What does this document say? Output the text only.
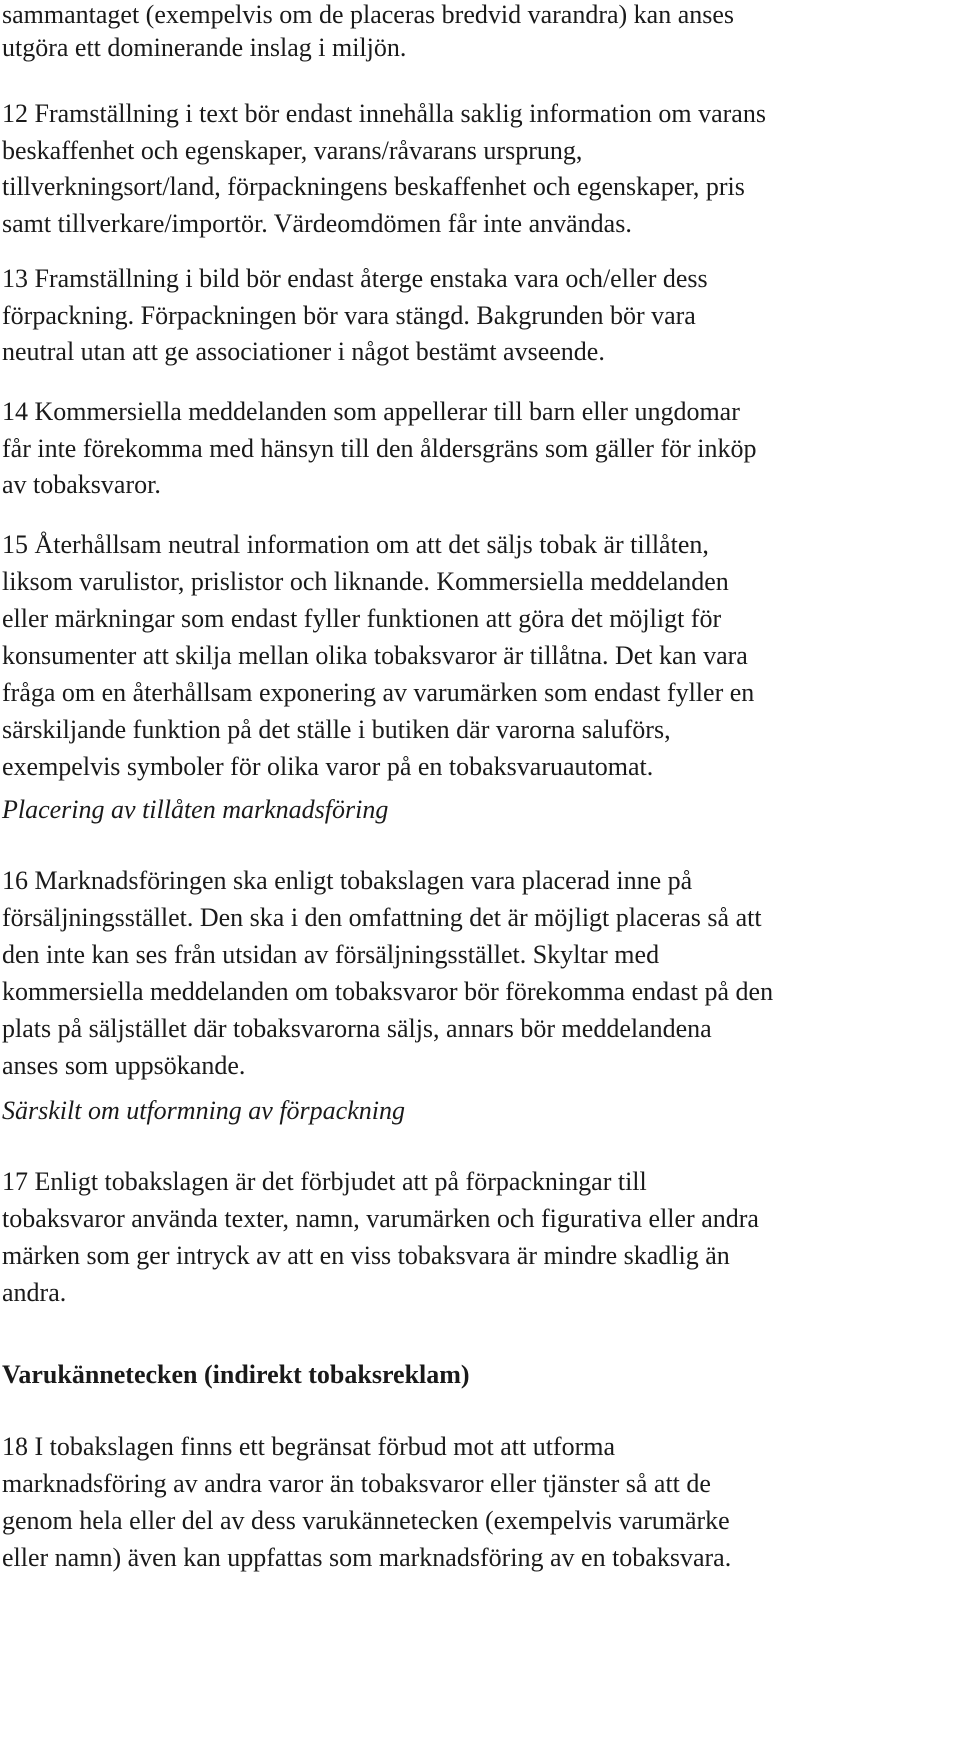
sammantaget (exempelvis om de placeras bredvid varandra) kan anses
utgöra ett dominerande inslag i miljön.
12 Framställning i text bör endast innehålla saklig information om varans
beskaffenhet och egenskaper, varans/råvarans ursprung,
tillverkningsort/land, förpackningens beskaffenhet och egenskaper, pris
samt tillverkare/importör. Värdeomdömen får inte användas.
13 Framställning i bild bör endast återge enstaka vara och/eller dess
förpackning. Förpackningen bör vara stängd. Bakgrunden bör vara
neutral utan att ge associationer i något bestämt avseende.
14 Kommersiella meddelanden som appellerar till barn eller ungdomar
får inte förekomma med hänsyn till den åldersgräns som gäller för inköp
av tobaksvaror.
15 Återhållsam neutral information om att det säljs tobak är tillåten,
liksom varulistor, prislistor och liknande. Kommersiella meddelanden
eller märkningar som endast fyller funktionen att göra det möjligt för
konsumenter att skilja mellan olika tobaksvaror är tillåtna. Det kan vara
fråga om en återhållsam exponering av varumärken som endast fyller en
särskiljande funktion på det ställe i butiken där varorna saluförs,
exempelvis symboler för olika varor på en tobaksvaruautomat.
Placering av tillåten marknadsföring
16 Marknadsföringen ska enligt tobakslagen vara placerad inne på
försäljningsstället. Den ska i den omfattning det är möjligt placeras så att
den inte kan ses från utsidan av försäljningsstället. Skyltar med
kommersiella meddelanden om tobaksvaror bör förekomma endast på den
plats på säljstället där tobaksvarorna säljs, annars bör meddelandena
anses som uppsökande.
Särskilt om utformning av förpackning
17 Enligt tobakslagen är det förbjudet att på förpackningar till
tobaksvaror använda texter, namn, varumärken och figurativa eller andra
märken som ger intryck av att en viss tobaksvara är mindre skadlig än
andra.
Varukännetecken (indirekt tobaksreklam)
18 I tobakslagen finns ett begränsat förbud mot att utforma
marknadsföring av andra varor än tobaksvaror eller tjänster så att de
genom hela eller del av dess varukännetecken (exempelvis varumärke
eller namn) även kan uppfattas som marknadsföring av en tobaksvara.
